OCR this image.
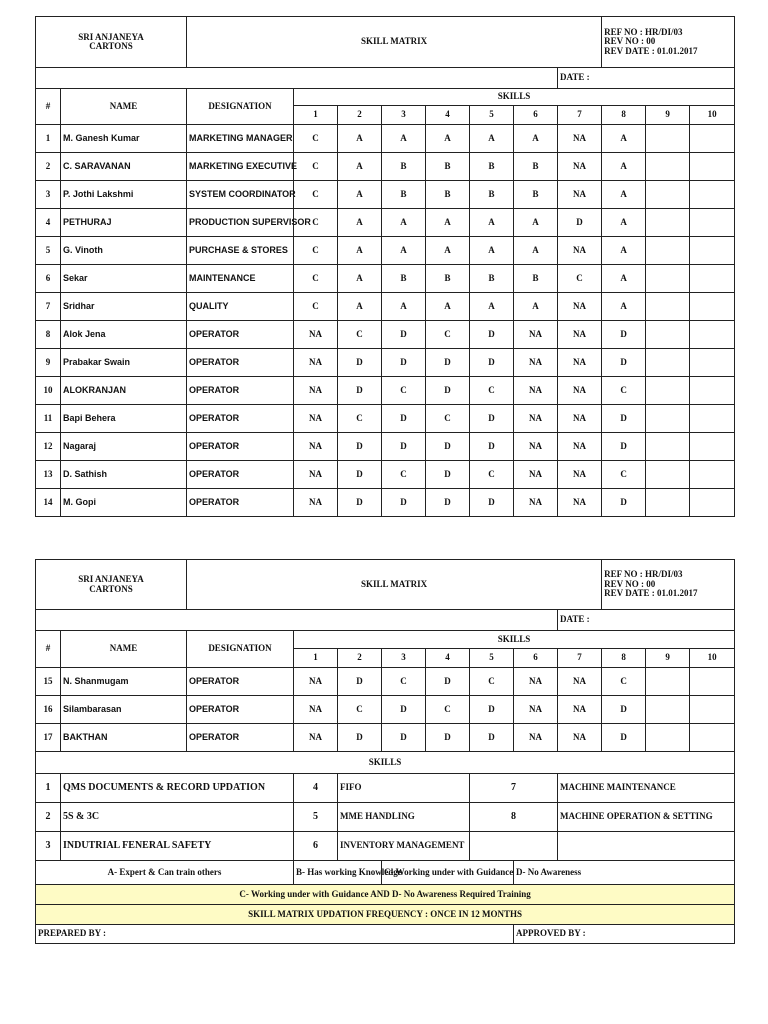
SRI ANJANEYA
CARTONS		SKILL MATRIX								REF NO : HR/DI/03
REV NO : 00
REV DATE : 01.01.2017		
									DATE :			
#	NAME	DESIGNATION	SKILLS									
			1	2	3	4	5	6	7	8	9	10
1	M. Ganesh Kumar	MARKETING MANAGER	C	A	A	A	A	A	NA	A		
2	C. SARAVANAN	MARKETING EXECUTIVE	C	A	B	B	B	B	NA	A		
3	P. Jothi Lakshmi	SYSTEM COORDINATOR	C	A	B	B	B	B	NA	A		
4	PETHURAJ	PRODUCTION SUPERVISOR	C	A	A	A	A	A	D	A		
5	G. Vinoth	PURCHASE & STORES	C	A	A	A	A	A	NA	A		
6	Sekar	MAINTENANCE	C	A	B	B	B	B	C	A		
7	Sridhar	QUALITY	C	A	A	A	A	A	NA	A		
8	Alok Jena	OPERATOR	NA	C	D	C	D	NA	NA	D		
9	Prabakar Swain	OPERATOR	NA	D	D	D	D	NA	NA	D		
10	ALOKRANJAN	OPERATOR	NA	D	C	D	C	NA	NA	C		
11	Bapi Behera	OPERATOR	NA	C	D	C	D	NA	NA	D		
12	Nagaraj	OPERATOR	NA	D	D	D	D	NA	NA	D		
13	D. Sathish	OPERATOR	NA	D	C	D	C	NA	NA	C		
14	M. Gopi	OPERATOR	NA	D	D	D	D	NA	NA	D		
SRI ANJANEYA
CARTONS		SKILL MATRIX								REF NO : HR/DI/03
REV NO : 00
REV DATE : 01.01.2017		
									DATE :			
#	NAME	DESIGNATION	SKILLS									
			1	2	3	4	5	6	7	8	9	10
15	N. Shanmugam	OPERATOR	NA	D	C	D	C	NA	NA	C		
16	Silambarasan	OPERATOR	NA	C	D	C	D	NA	NA	D		
17	BAKTHAN	OPERATOR	NA	D	D	D	D	NA	NA	D		
SKILLS												
1	QMS DOCUMENTS & RECORD UPDATION		4	FIFO			7		MACHINE MAINTENANCE			
2	5S & 3C		5	MME HANDLING			8		MACHINE OPERATION & SETTING			
3	INDUTRIAL FENERAL SAFETY		6	INVENTORY MANAGEMENT								
A- Expert & Can train others			B- Has working Knowledge		C- Working under with Guidance			D- No Awareness				
C- Working under with Guidance AND D- No Awareness Required Training												
SKILL MATRIX UPDATION FREQUENCY : ONCE IN 12 MONTHS												
PREPARED BY :								APPROVED BY :				
